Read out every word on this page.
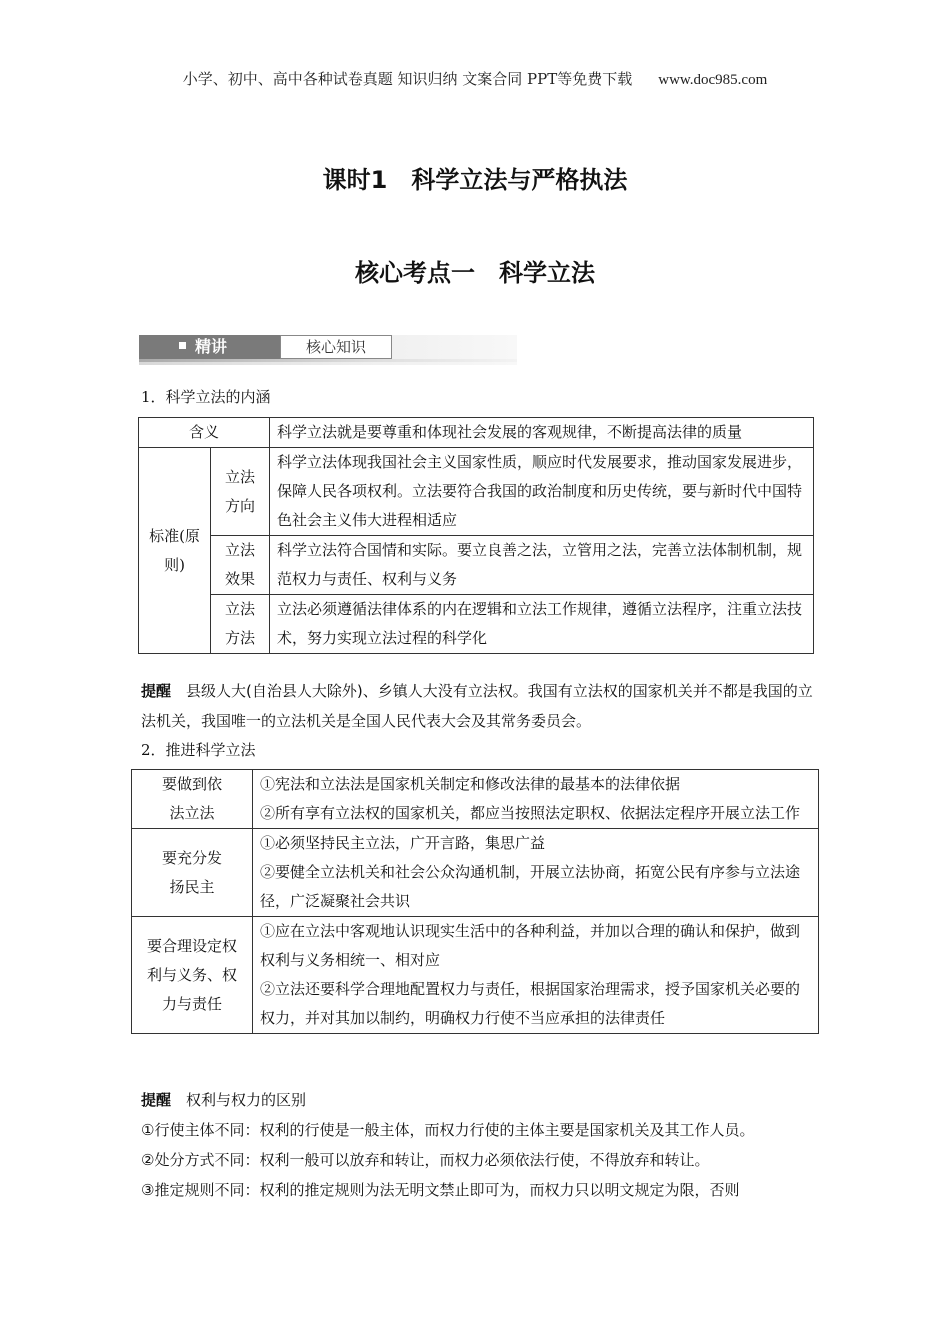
小学、初中、高中各种试卷真题 知识归纳 文案合同 PPT等免费下载 www.doc985.com
课时1　科学立法与严格执法
核心考点一　科学立法
精讲	核心知识
1．科学立法的内涵
含义		科学立法就是要尊重和体现社会发展的客观规律，不断提高法律的质量
标准(原则)	立法方向	科学立法体现我国社会主义国家性质，顺应时代发展要求，推动国家发展进步，保障人民各项权利。立法要符合我国的政治制度和历史传统，要与新时代中国特色社会主义伟大进程相适应
	立法效果	科学立法符合国情和实际。要立良善之法，立管用之法，完善立法体制机制，规范权力与责任、权利与义务
	立法方法	立法必须遵循法律体系的内在逻辑和立法工作规律，遵循立法程序，注重立法技术，努力实现立法过程的科学化
提醒　 县级人大(自治县人大除外)、乡镇人大没有立法权。我国有立法权的国家机关并不都是我国的立法机关，我国唯一的立法机关是全国人民代表大会及其常务委员会。
2．推进科学立法
要做到依法立法	①宪法和立法法是国家机关制定和修改法律的最基本的法律依据
②所有享有立法权的国家机关，都应当按照法定职权、依据法定程序开展立法工作

要充分发扬民主	①必须坚持民主立法，广开言路，集思广益
②要健全立法机关和社会公众沟通机制，开展立法协商，拓宽公民有序参与立法途径，广泛凝聚社会共识

要合理设定权利与义务、权力与责任	①应在立法中客观地认识现实生活中的各种利益，并加以合理的确认和保护，做到权利与义务相统一、相对应
②立法还要科学合理地配置权力与责任，根据国家治理需求，授予国家机关必要的权力，并对其加以制约，明确权力行使不当应承担的法律责任
提醒　 权利与权力的区别
①行使主体不同：权利的行使是一般主体，而权力行使的主体主要是国家机关及其工作人员。
②处分方式不同：权利一般可以放弃和转让，而权力必须依法行使，不得放弃和转让。
③推定规则不同：权利的推定规则为法无明文禁止即可为，而权力只以明文规定为限，否则
